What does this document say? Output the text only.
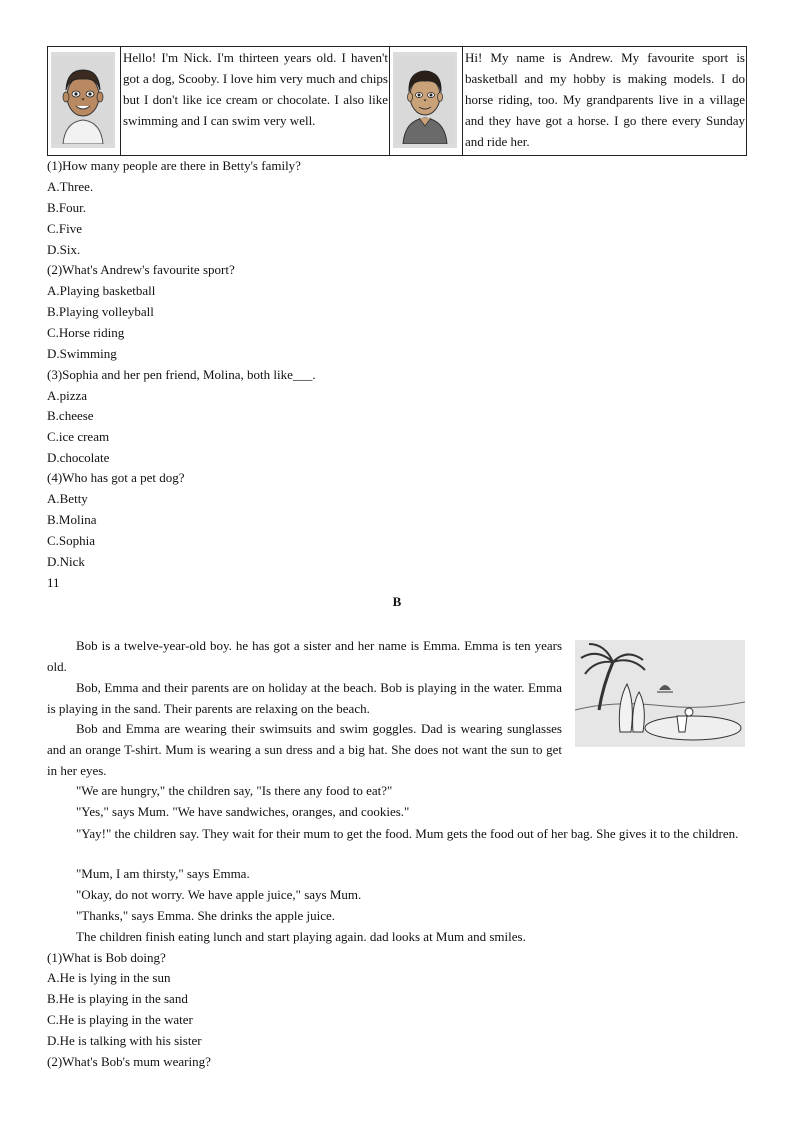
	Hello! I'm Nick. I'm thirteen years old. I haven't got a dog, Scooby. I love him very much and chips but I don't like ice cream or chocolate. I also like swimming and I can swim very well.	
	Hi! My name is Andrew. My favourite sport is basketball and my hobby is making models. I do horse riding, too. My grandparents live in a village and they have got a horse. I go there every Sunday and ride her.
(1)How many people are there in Betty's family?
A.Three.
B.Four.
C.Five
D.Six.
(2)What's Andrew's favourite sport?
A.Playing basketball
B.Playing volleyball
C.Horse riding
D.Swimming
(3)Sophia and her pen friend, Molina, both like___.
A.pizza
B.cheese
C.ice cream
D.chocolate
(4)Who has got a pet dog?
A.Betty
B.Molina
C.Sophia
D.Nick
11
B
Bob is a twelve-year-old boy. he has got a sister and her name is Emma. Emma is ten years old.
Bob, Emma and their parents are on holiday at the beach. Bob is playing in the water. Emma is playing in the sand. Their parents are relaxing on the beach.
Bob and Emma are wearing their swimsuits and swim goggles. Dad is wearing sunglasses and an orange T-shirt. Mum is wearing a sun dress and a big hat. She does not want the sun to get in her eyes.
"We are hungry," the children say, "Is there any food to eat?"
"Yes," says Mum. "We have sandwiches, oranges, and cookies."
"Yay!" the children say. They wait for their mum to get the food. Mum gets the food out of her bag. She gives it to the children.
"Mum, I am thirsty," says Emma.
"Okay, do not worry. We have apple juice," says Mum.
"Thanks," says Emma. She drinks the apple juice.
The children finish eating lunch and start playing again. dad looks at Mum and smiles.
(1)What is Bob doing?
A.He is lying in the sun
B.He is playing in the sand
C.He is playing in the water
D.He is talking with his sister
(2)What's Bob's mum wearing?
